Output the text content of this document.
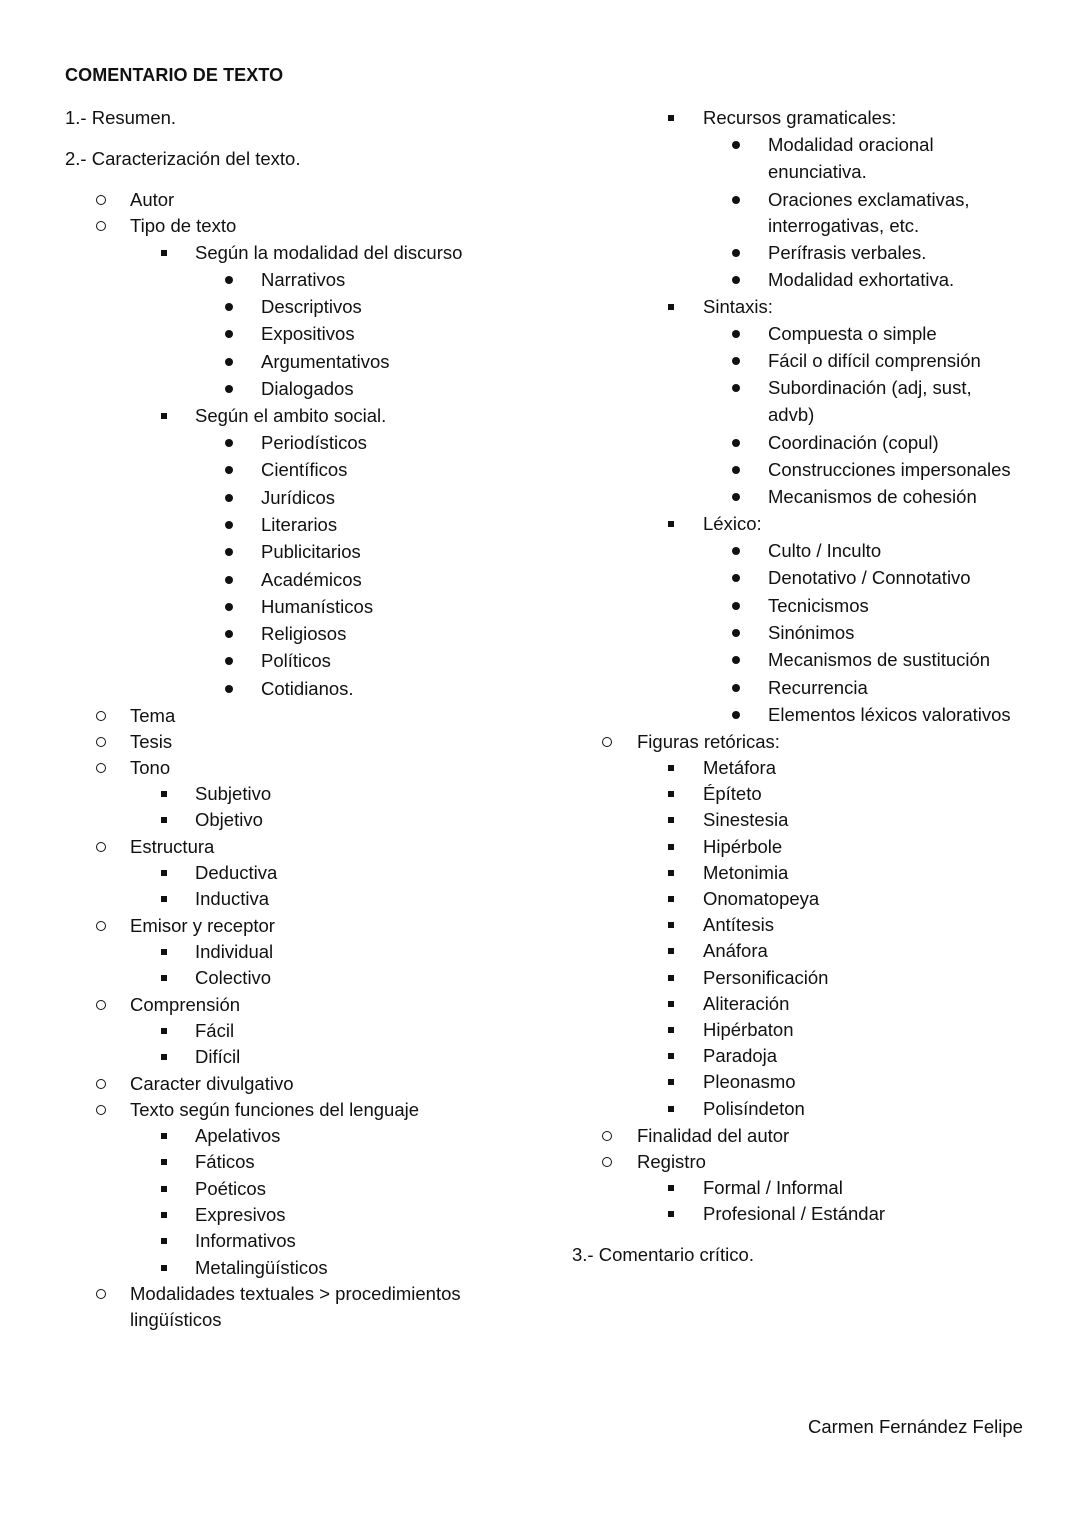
COMENTARIO DE TEXTO
1.- Resumen.
2.- Caracterización del texto.
3.- Comentario crítico.
Autor
Tipo de texto
Según la modalidad del discurso
Narrativos
Descriptivos
Expositivos
Argumentativos
Dialogados
Según el ambito social.
Periodísticos
Científicos
Jurídicos
Literarios
Publicitarios
Académicos
Humanísticos
Religiosos
Políticos
Cotidianos.
Tema
Tesis
Tono
Subjetivo
Objetivo
Estructura
Deductiva
Inductiva
Emisor y receptor
Individual
Colectivo
Comprensión
Fácil
Difícil
Caracter divulgativo
Texto según funciones del lenguaje
Apelativos
Fáticos
Poéticos
Expresivos
Informativos
Metalingüísticos
Modalidades textuales > procedimientos
lingüísticos
Recursos gramaticales:
Modalidad oracional
enunciativa.
Oraciones exclamativas,
interrogativas, etc.
Perífrasis verbales.
Modalidad exhortativa.
Sintaxis:
Compuesta o simple
Fácil o difícil comprensión
Subordinación (adj, sust,
advb)
Coordinación (copul)
Construcciones impersonales
Mecanismos de cohesión
Léxico:
Culto / Inculto
Denotativo / Connotativo
Tecnicismos
Sinónimos
Mecanismos de sustitución
Recurrencia
Elementos léxicos valorativos
Figuras retóricas:
Metáfora
Építeto
Sinestesia
Hipérbole
Metonimia
Onomatopeya
Antítesis
Anáfora
Personificación
Aliteración
Hipérbaton
Paradoja
Pleonasmo
Polisíndeton
Finalidad del autor
Registro
Formal / Informal
Profesional / Estándar
Carmen Fernández Felipe
